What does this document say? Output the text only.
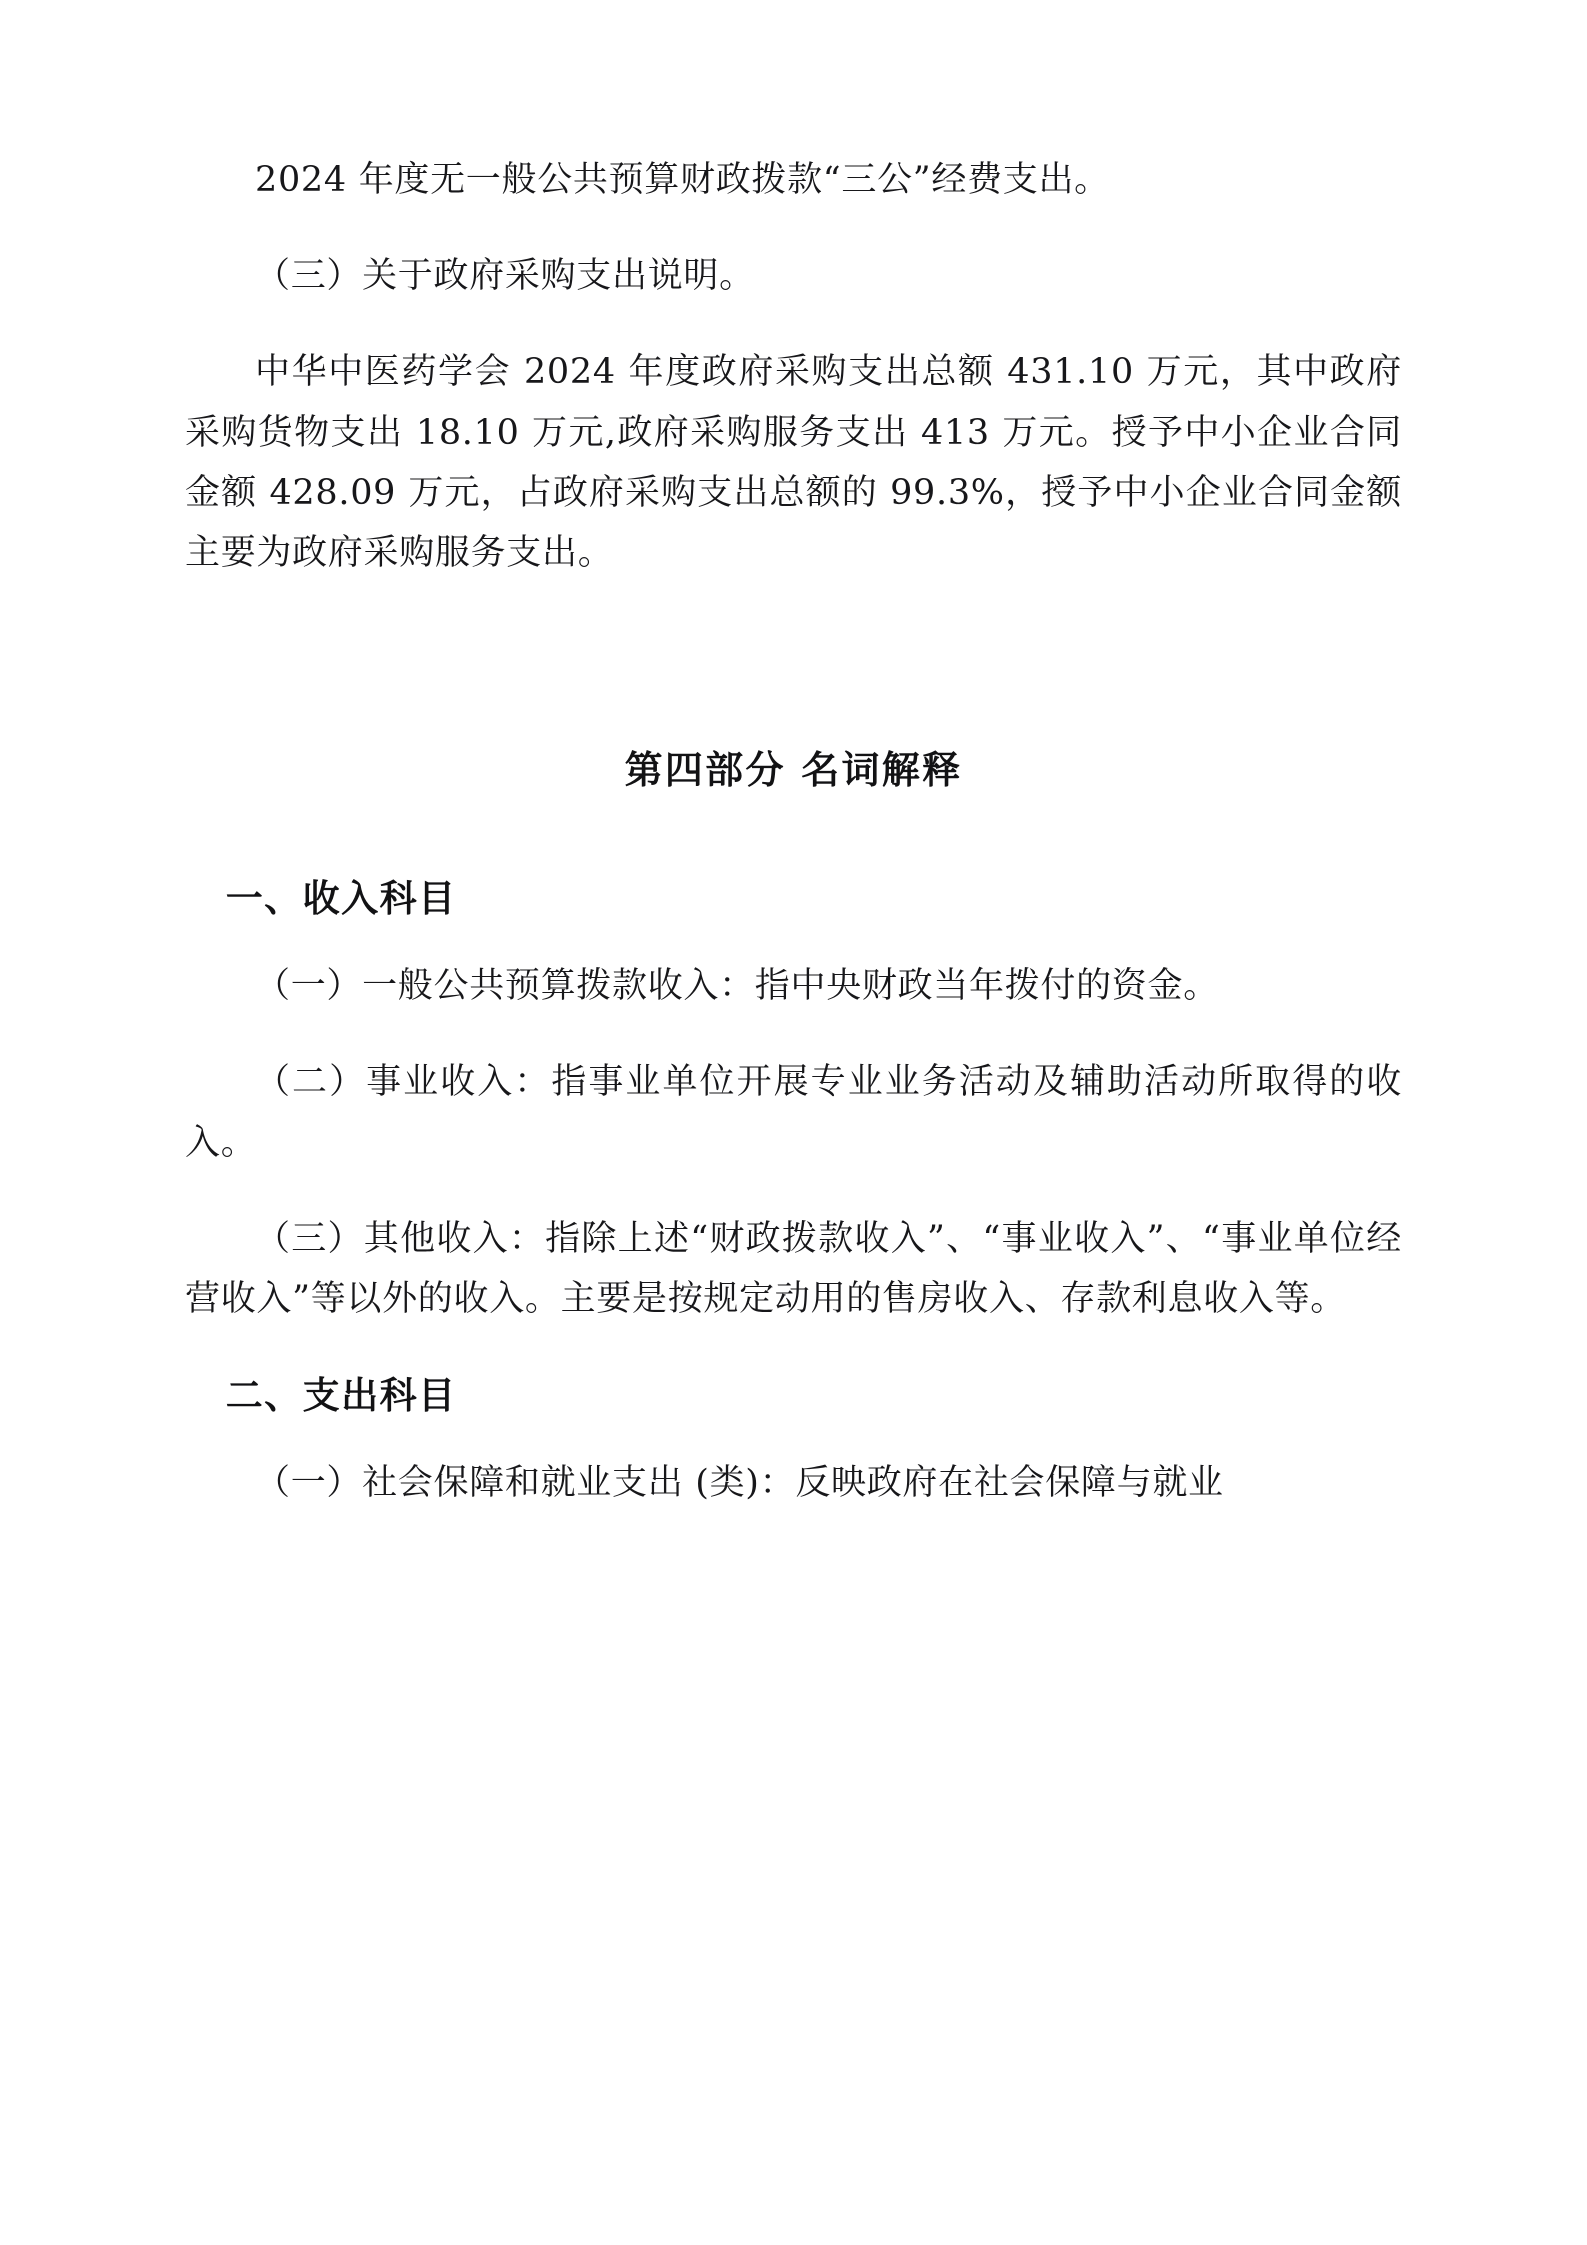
2024 年度无一般公共预算财政拨款“三公”经费支出。

（三）关于政府采购支出说明。

中华中医药学会 2024 年度政府采购支出总额 431.10 万元，其中政府采购货物支出 18.10 万元,政府采购服务支出 413 万元。授予中小企业合同金额 428.09 万元，占政府采购支出总额的 99.3%，授予中小企业合同金额主要为政府采购服务支出。

第四部分 名词解释
一、收入科目

（一）一般公共预算拨款收入：指中央财政当年拨付的资金。

（二）事业收入：指事业单位开展专业业务活动及辅助活动所取得的收入。

（三）其他收入：指除上述“财政拨款收入”、“事业收入”、“事业单位经营收入”等以外的收入。主要是按规定动用的售房收入、存款利息收入等。

二、支出科目

（一）社会保障和就业支出 (类)：反映政府在社会保障与就业
